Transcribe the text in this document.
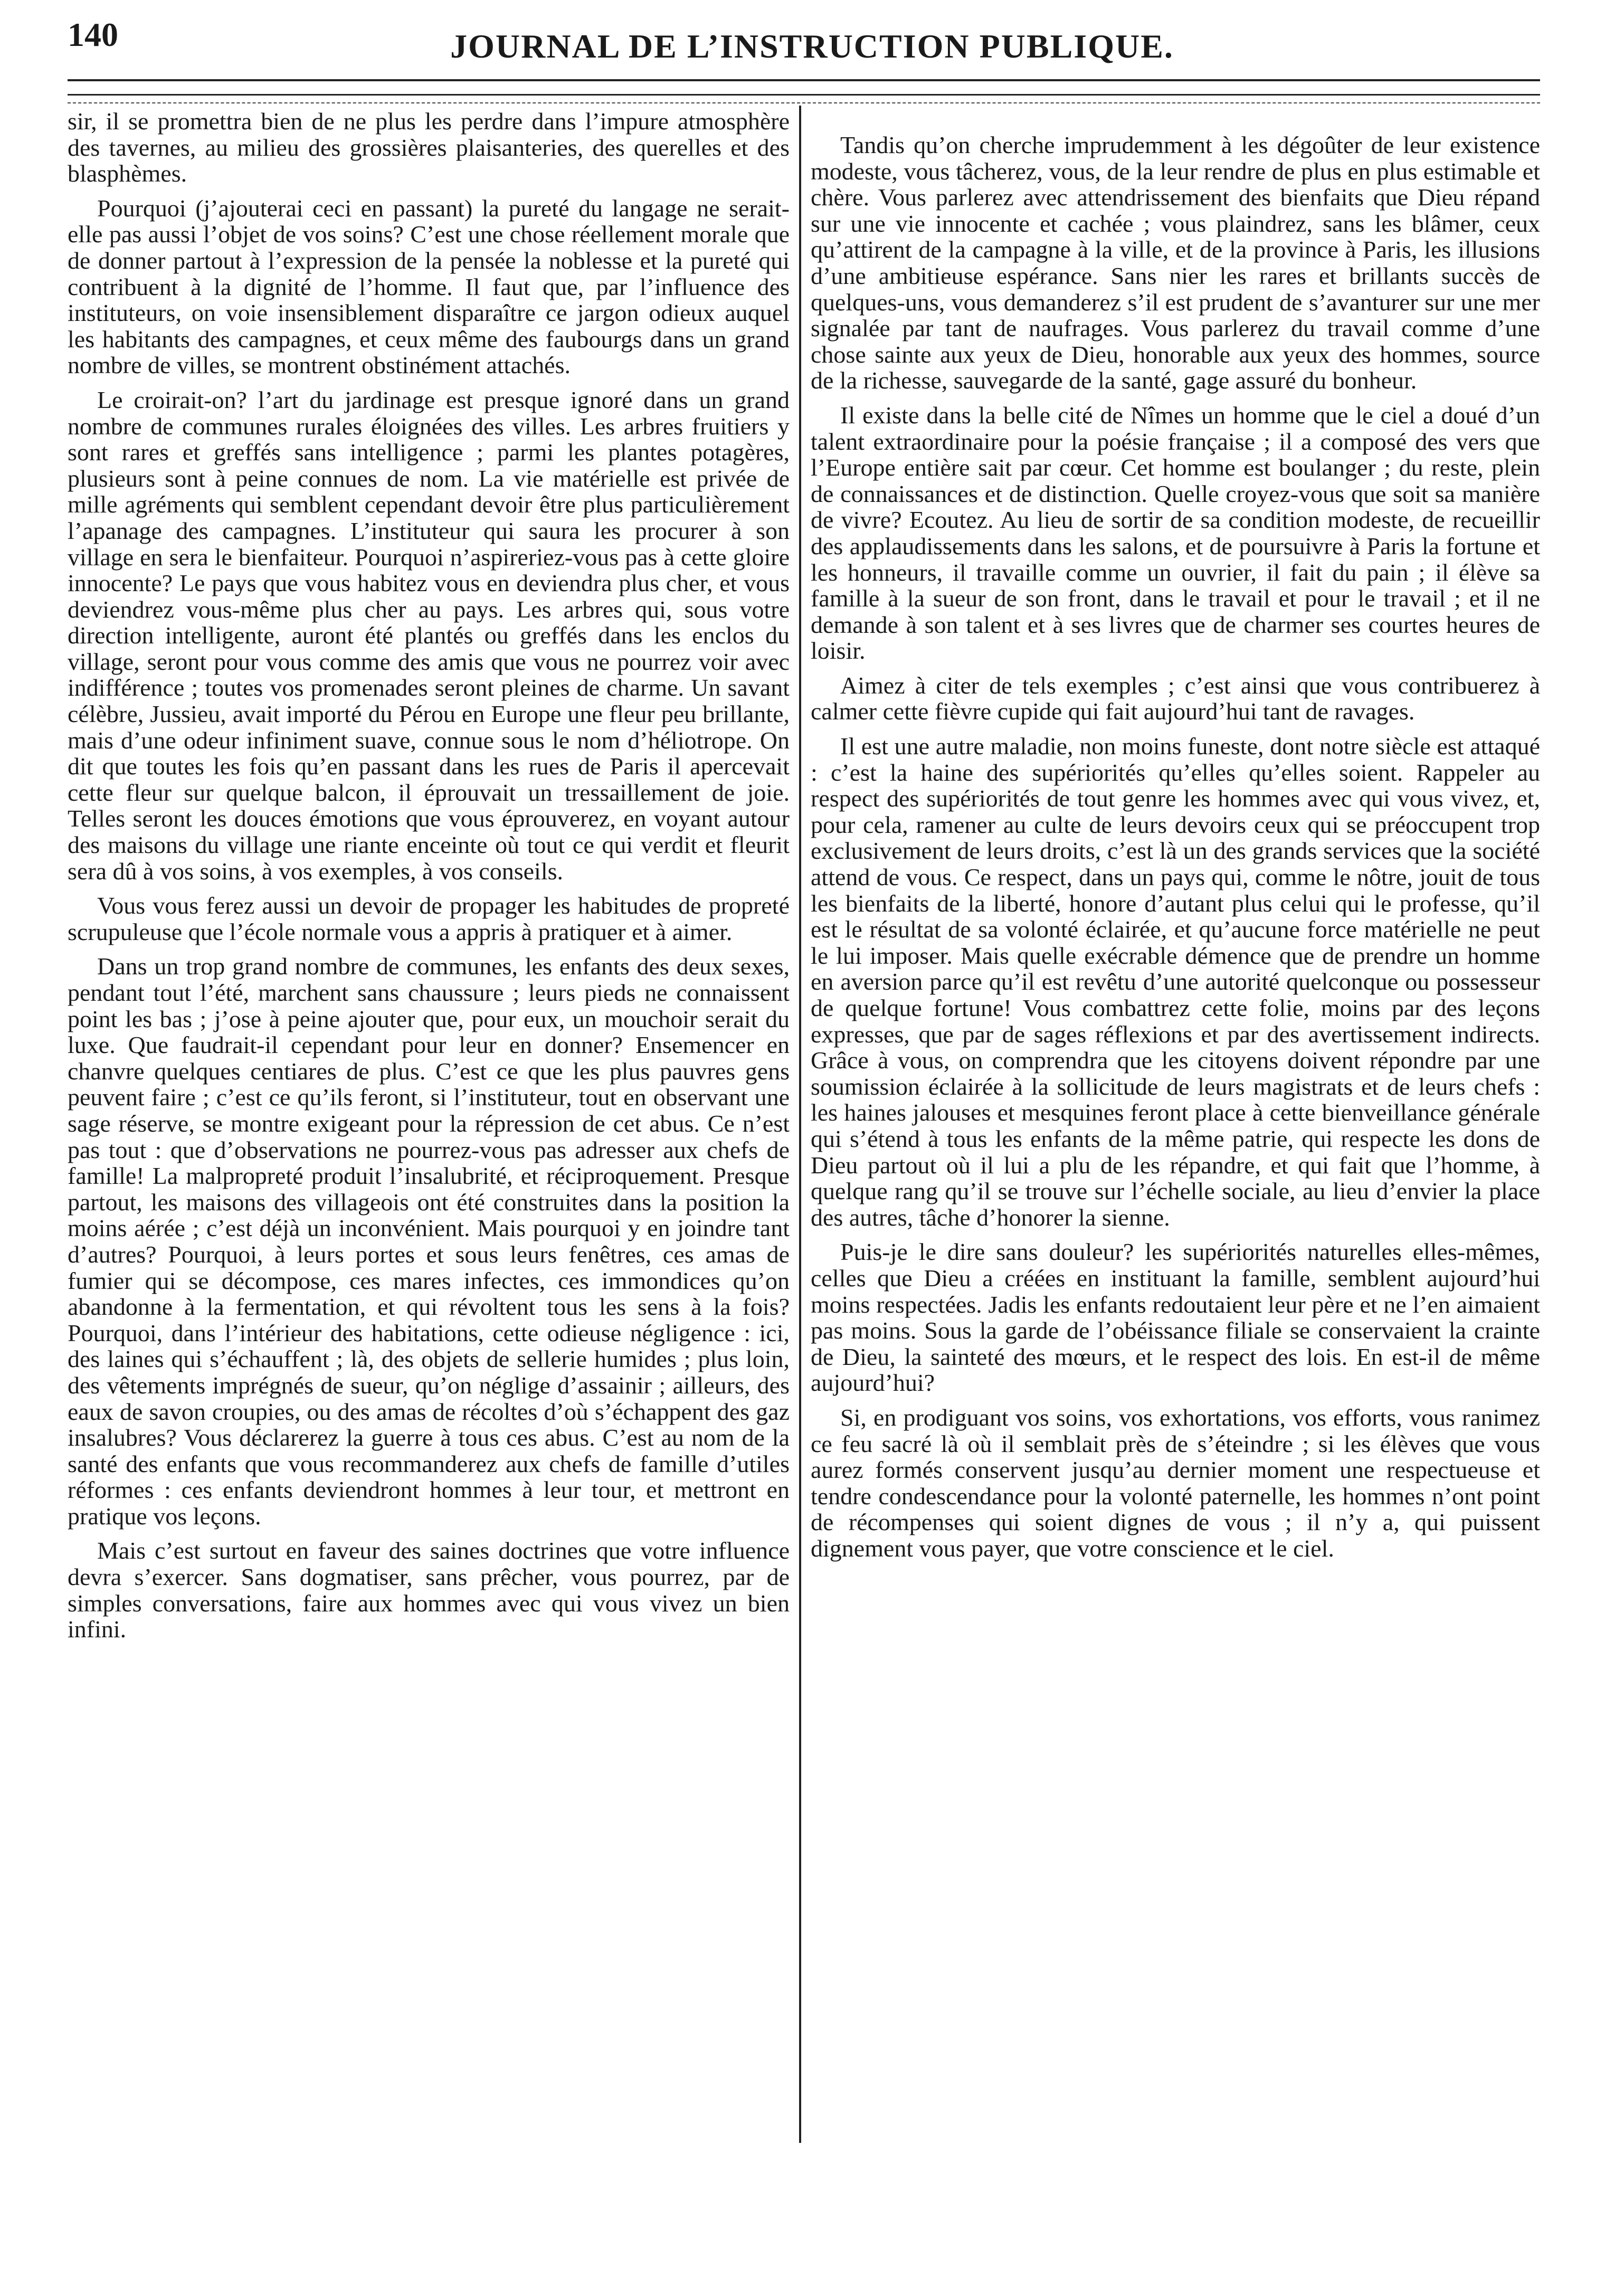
140	JOURNAL DE L’INSTRUCTION PUBLIQUE.

sir, il se promettra bien de ne plus les perdre dans l’impure atmosphère des tavernes, au milieu des grossières plaisanteries, des querelles et des blasphèmes.

Pourquoi (j’ajouterai ceci en passant) la pureté du langage ne serait-elle pas aussi l’objet de vos soins? C’est une chose réellement morale que de donner partout à l’expression de la pensée la noblesse et la pureté qui contribuent à la dignité de l’homme. Il faut que, par l’influence des instituteurs, on voie insensiblement disparaître ce jargon odieux auquel les habitants des campagnes, et ceux même des faubourgs dans un grand nombre de villes, se montrent obstinément attachés.

Le croirait-on? l’art du jardinage est presque ignoré dans un grand nombre de communes rurales éloignées des villes. Les arbres fruitiers y sont rares et greffés sans intelligence ; parmi les plantes potagères, plusieurs sont à peine connues de nom. La vie matérielle est privée de mille agréments qui semblent cependant devoir être plus particulièrement l’apanage des campagnes. L’instituteur qui saura les procurer à son village en sera le bienfaiteur. Pourquoi n’aspireriez-vous pas à cette gloire innocente? Le pays que vous habitez vous en deviendra plus cher, et vous deviendrez vous-même plus cher au pays. Les arbres qui, sous votre direction intelligente, auront été plantés ou greffés dans les enclos du village, seront pour vous comme des amis que vous ne pourrez voir avec indifférence ; toutes vos promenades seront pleines de charme. Un savant célèbre, Jussieu, avait importé du Pérou en Europe une fleur peu brillante, mais d’une odeur infiniment suave, connue sous le nom d’héliotrope. On dit que toutes les fois qu’en passant dans les rues de Paris il apercevait cette fleur sur quelque balcon, il éprouvait un tressaillement de joie. Telles seront les douces émotions que vous éprouverez, en voyant autour des maisons du village une riante enceinte où tout ce qui verdit et fleurit sera dû à vos soins, à vos exemples, à vos conseils.

Vous vous ferez aussi un devoir de propager les habitudes de propreté scrupuleuse que l’école normale vous a appris à pratiquer et à aimer.

Dans un trop grand nombre de communes, les enfants des deux sexes, pendant tout l’été, marchent sans chaussure ; leurs pieds ne connaissent point les bas ; j’ose à peine ajouter que, pour eux, un mouchoir serait du luxe. Que faudrait-il cependant pour leur en donner? Ensemencer en chanvre quelques centiares de plus. C’est ce que les plus pauvres gens peuvent faire ; c’est ce qu’ils feront, si l’instituteur, tout en observant une sage réserve, se montre exigeant pour la répression de cet abus. Ce n’est pas tout : que d’observations ne pourrez-vous pas adresser aux chefs de famille! La malpropreté produit l’insalubrité, et réciproquement. Presque partout, les maisons des villageois ont été construites dans la position la moins aérée ; c’est déjà un inconvénient. Mais pourquoi y en joindre tant d’autres? Pourquoi, à leurs portes et sous leurs fenêtres, ces amas de fumier qui se décompose, ces mares infectes, ces immondices qu’on abandonne à la fermentation, et qui révoltent tous les sens à la fois? Pourquoi, dans l’intérieur des habitations, cette odieuse négligence : ici, des laines qui s’échauffent ; là, des objets de sellerie humides ; plus loin, des vêtements imprégnés de sueur, qu’on néglige d’assainir ; ailleurs, des eaux de savon croupies, ou des amas de récoltes d’où s’échappent des gaz insalubres? Vous déclarerez la guerre à tous ces abus. C’est au nom de la santé des enfants que vous recommanderez aux chefs de famille d’utiles réformes : ces enfants deviendront hommes à leur tour, et mettront en pratique vos leçons.

Mais c’est surtout en faveur des saines doctrines que votre influence devra s’exercer. Sans dogmatiser, sans prêcher, vous pourrez, par de simples conversations, faire aux hommes avec qui vous vivez un bien infini.

Tandis qu’on cherche imprudemment à les dégoûter de leur existence modeste, vous tâcherez, vous, de la leur rendre de plus en plus estimable et chère. Vous parlerez avec attendrissement des bienfaits que Dieu répand sur une vie innocente et cachée ; vous plaindrez, sans les blâmer, ceux qu’attirent de la campagne à la ville, et de la province à Paris, les illusions d’une ambitieuse espérance. Sans nier les rares et brillants succès de quelques-uns, vous demanderez s’il est prudent de s’avanturer sur une mer signalée par tant de naufrages. Vous parlerez du travail comme d’une chose sainte aux yeux de Dieu, honorable aux yeux des hommes, source de la richesse, sauvegarde de la santé, gage assuré du bonheur.

Il existe dans la belle cité de Nîmes un homme que le ciel a doué d’un talent extraordinaire pour la poésie française ; il a composé des vers que l’Europe entière sait par cœur. Cet homme est boulanger ; du reste, plein de connaissances et de distinction. Quelle croyez-vous que soit sa manière de vivre? Ecoutez. Au lieu de sortir de sa condition modeste, de recueillir des applaudissements dans les salons, et de poursuivre à Paris la fortune et les honneurs, il travaille comme un ouvrier, il fait du pain ; il élève sa famille à la sueur de son front, dans le travail et pour le travail ; et il ne demande à son talent et à ses livres que de charmer ses courtes heures de loisir.

Aimez à citer de tels exemples ; c’est ainsi que vous contribuerez à calmer cette fièvre cupide qui fait aujourd’hui tant de ravages.

Il est une autre maladie, non moins funeste, dont notre siècle est attaqué : c’est la haine des supériorités qu’elles qu’elles soient. Rappeler au respect des supériorités de tout genre les hommes avec qui vous vivez, et, pour cela, ramener au culte de leurs devoirs ceux qui se préoccupent trop exclusivement de leurs droits, c’est là un des grands services que la société attend de vous. Ce respect, dans un pays qui, comme le nôtre, jouit de tous les bienfaits de la liberté, honore d’autant plus celui qui le professe, qu’il est le résultat de sa volonté éclairée, et qu’aucune force matérielle ne peut le lui imposer. Mais quelle exécrable démence que de prendre un homme en aversion parce qu’il est revêtu d’une autorité quelconque ou possesseur de quelque fortune! Vous combattrez cette folie, moins par des leçons expresses, que par de sages réflexions et par des avertissement indirects. Grâce à vous, on comprendra que les citoyens doivent répondre par une soumission éclairée à la sollicitude de leurs magistrats et de leurs chefs : les haines jalouses et mesquines feront place à cette bienveillance générale qui s’étend à tous les enfants de la même patrie, qui respecte les dons de Dieu partout où il lui a plu de les répandre, et qui fait que l’homme, à quelque rang qu’il se trouve sur l’échelle sociale, au lieu d’envier la place des autres, tâche d’honorer la sienne.

Puis-je le dire sans douleur? les supériorités naturelles elles-mêmes, celles que Dieu a créées en instituant la famille, semblent aujourd’hui moins respectées. Jadis les enfants redoutaient leur père et ne l’en aimaient pas moins. Sous la garde de l’obéissance filiale se conservaient la crainte de Dieu, la sainteté des mœurs, et le respect des lois. En est-il de même aujourd’hui?

Si, en prodiguant vos soins, vos exhortations, vos efforts, vous ranimez ce feu sacré là où il semblait près de s’éteindre ; si les élèves que vous aurez formés conservent jusqu’au dernier moment une respectueuse et tendre condescendance pour la volonté paternelle, les hommes n’ont point de récompenses qui soient dignes de vous ; il n’y a, qui puissent dignement vous payer, que votre conscience et le ciel.
